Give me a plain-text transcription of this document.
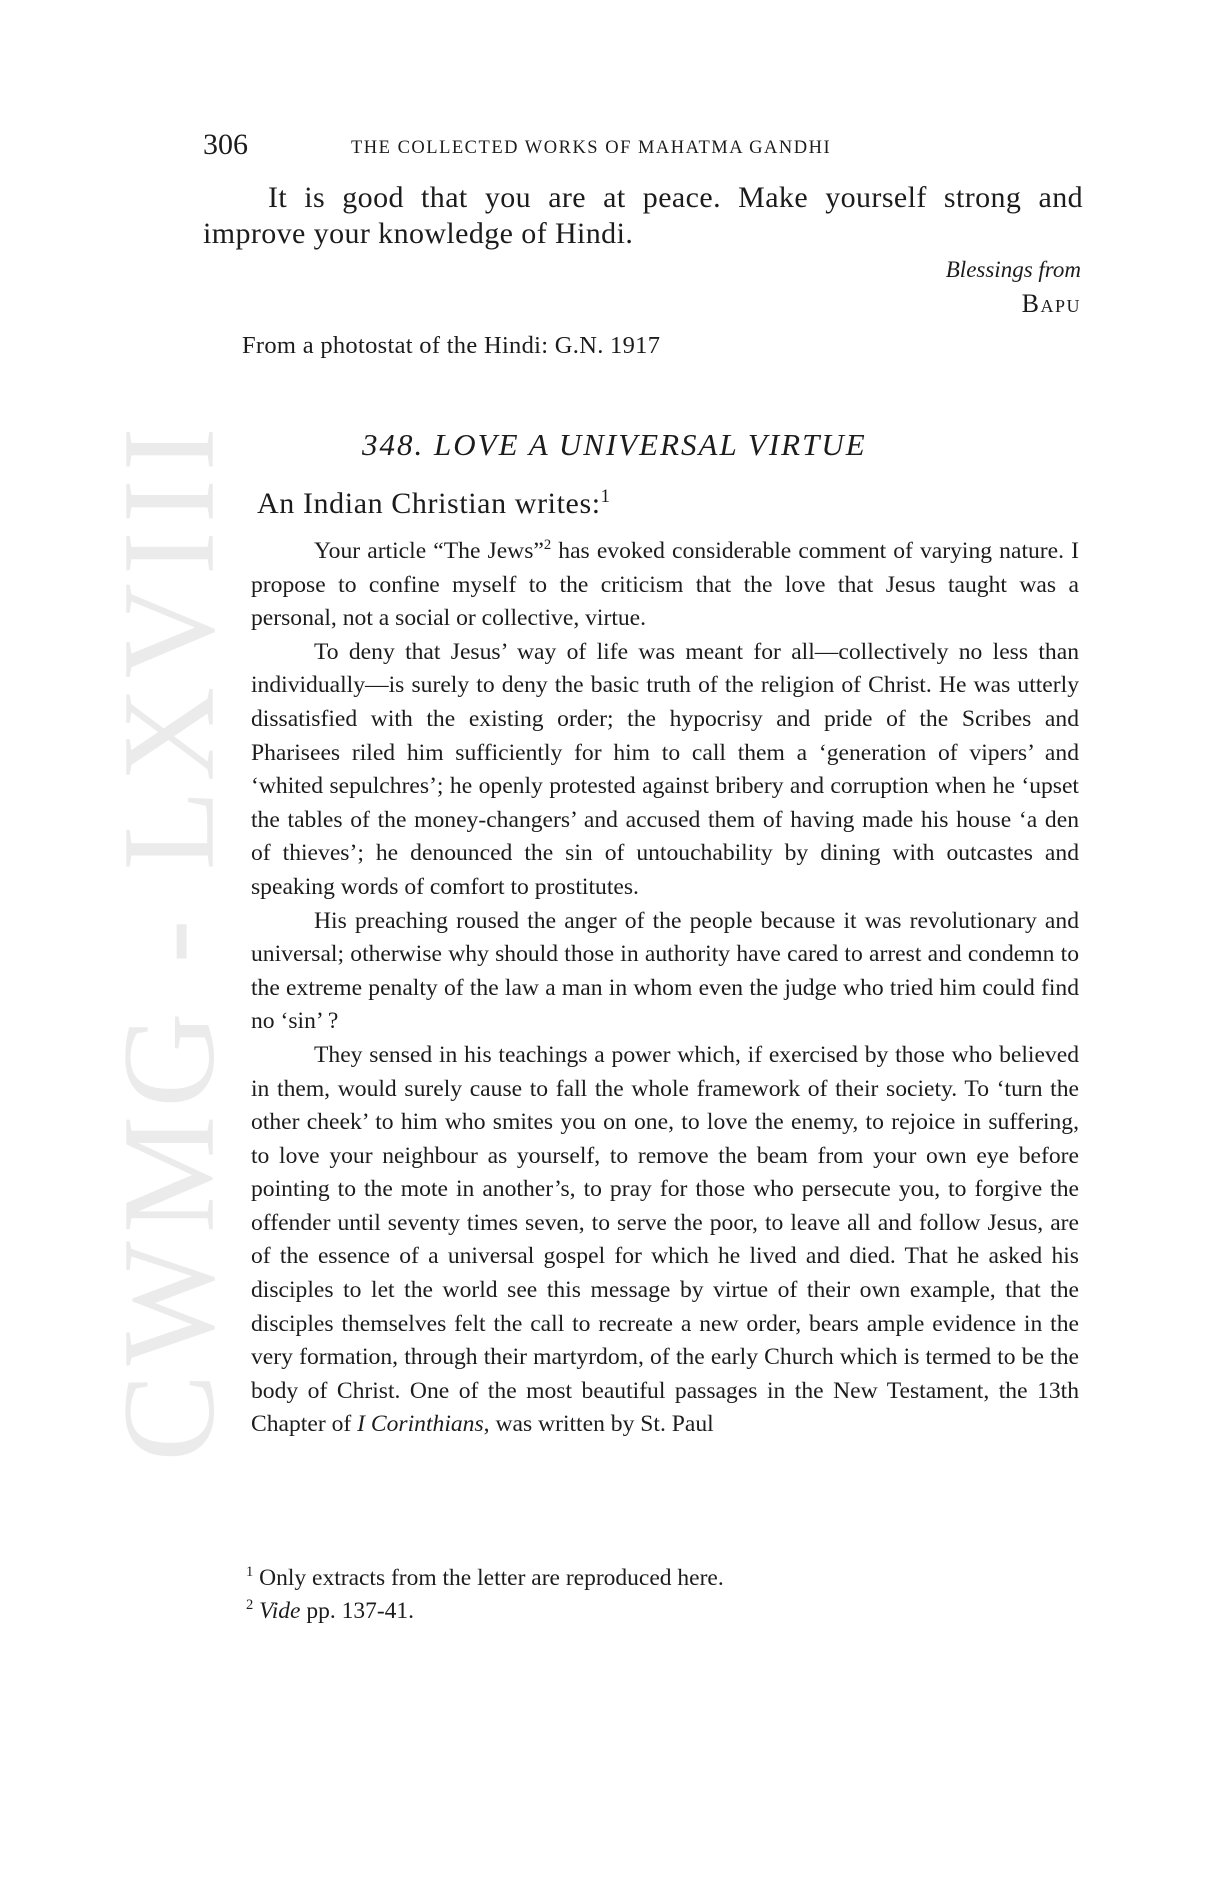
CWMG - LXVIII
306	THE COLLECTED WORKS OF MAHATMA GANDHI

It is good that you are at peace. Make yourself strong and improve your knowledge of Hindi.

Blessings from
Bapu
From a photostat of the Hindi: G.N. 1917
348. LOVE A UNIVERSAL VIRTUE
An Indian Christian writes:$^1$

Your article “The Jews”$^2$ has evoked considerable comment of varying nature. I propose to confine myself to the criticism that the love that Jesus taught was a personal, not a social or collective, virtue.

To deny that Jesus’ way of life was meant for all—collectively no less than individually—is surely to deny the basic truth of the religion of Christ. He was utterly dissatisfied with the existing order; the hypocrisy and pride of the Scribes and Pharisees riled him sufficiently for him to call them a ‘generation of vipers’ and ‘whited sepulchres’; he openly protested against bribery and corruption when he ‘upset the tables of the money-changers’ and accused them of having made his house ‘a den of thieves’; he denounced the sin of untouchability by dining with outcastes and speaking words of comfort to prostitutes.

His preaching roused the anger of the people because it was revolutionary and universal; otherwise why should those in authority have cared to arrest and condemn to the extreme penalty of the law a man in whom even the judge who tried him could find no ‘sin’ ?

They sensed in his teachings a power which, if exercised by those who believed in them, would surely cause to fall the whole framework of their society. To ‘turn the other cheek’ to him who smites you on one, to love the enemy, to rejoice in suffering, to love your neighbour as yourself, to remove the beam from your own eye before pointing to the mote in another’s, to pray for those who persecute you, to forgive the offender until seventy times seven, to serve the poor, to leave all and follow Jesus, are of the essence of a universal gospel for which he lived and died. That he asked his disciples to let the world see this message by virtue of their own example, that the disciples themselves felt the call to recreate a new order, bears ample evidence in the very formation, through their martyrdom, of the early Church which is termed to be the body of Christ. One of the most beautiful passages in the New Testament, the 13th Chapter of I Corinthians, was written by St. Paul

$^1$ Only extracts from the letter are reproduced here.
$^2$ Vide pp. 137-41.
